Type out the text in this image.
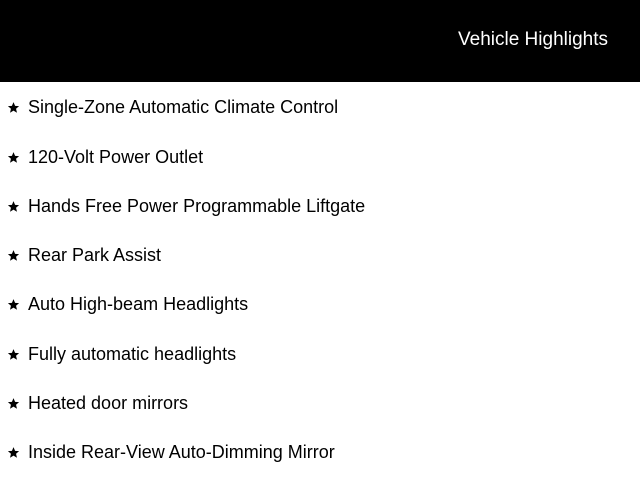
Vehicle Highlights
Single-Zone Automatic Climate Control
120-Volt Power Outlet
Hands Free Power Programmable Liftgate
Rear Park Assist
Auto High-beam Headlights
Fully automatic headlights
Heated door mirrors
Inside Rear-View Auto-Dimming Mirror
